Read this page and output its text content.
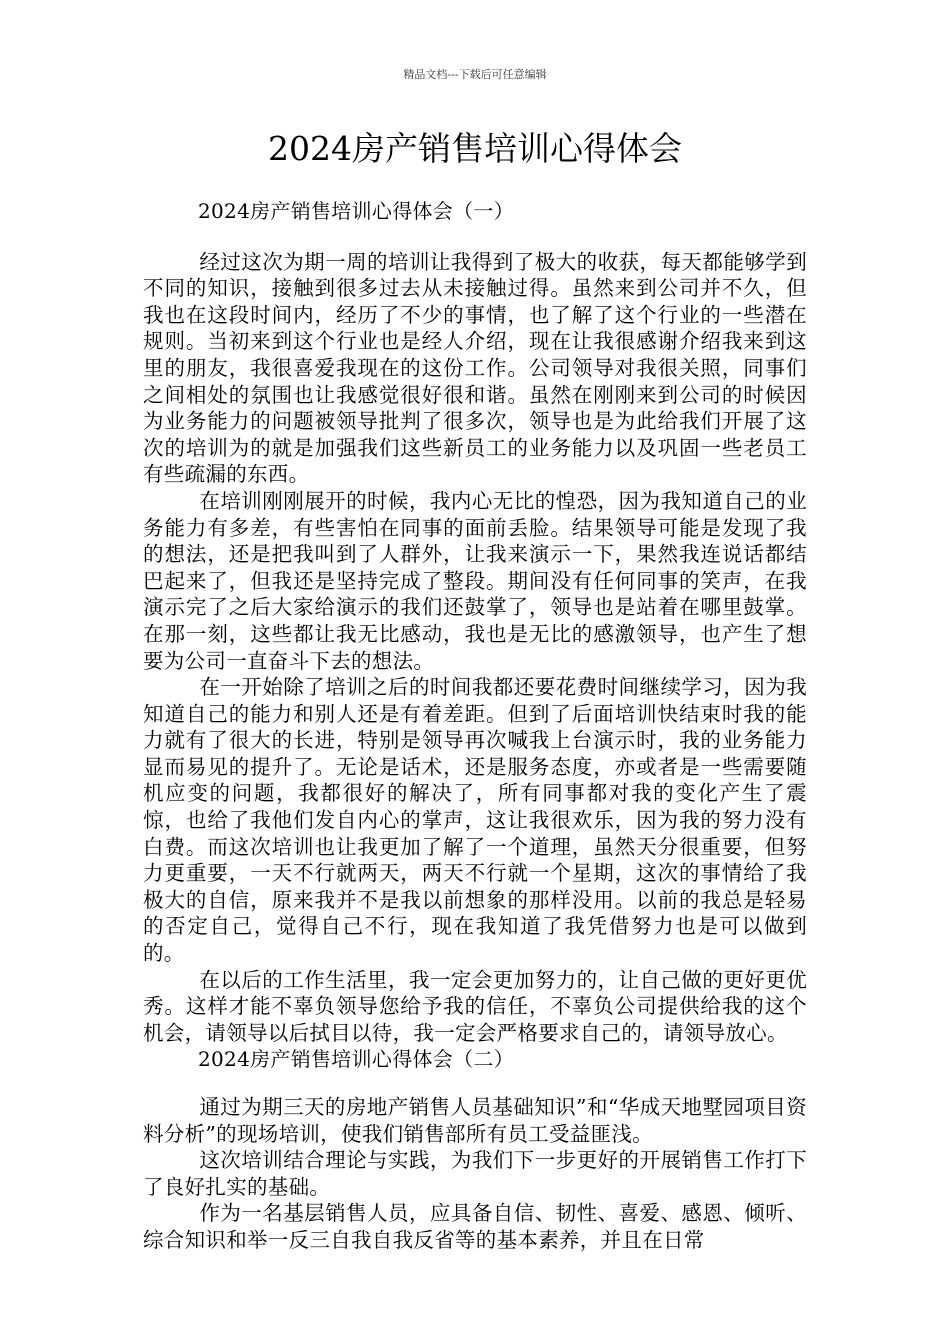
精品文档---下载后可任意编辑
2024房产销售培训心得体会
2024房产销售培训心得体会（一）

经过这次为期一周的培训让我得到了极大的收获，每天都能够学到不同的知识，接触到很多过去从未接触过得。虽然来到公司并不久，但我也在这段时间内，经历了不少的事情，也了解了这个行业的一些潜在规则。当初来到这个行业也是经人介绍，现在让我很感谢介绍我来到这里的朋友，我很喜爱我现在的这份工作。公司领导对我很关照，同事们之间相处的氛围也让我感觉很好很和谐。虽然在刚刚来到公司的时候因为业务能力的问题被领导批判了很多次，领导也是为此给我们开展了这次的培训为的就是加强我们这些新员工的业务能力以及巩固一些老员工有些疏漏的东西。

在培训刚刚展开的时候，我内心无比的惶恐，因为我知道自己的业务能力有多差，有些害怕在同事的面前丢脸。结果领导可能是发现了我的想法，还是把我叫到了人群外，让我来演示一下，果然我连说话都结巴起来了，但我还是坚持完成了整段。期间没有任何同事的笑声，在我演示完了之后大家给演示的我们还鼓掌了，领导也是站着在哪里鼓掌。在那一刻，这些都让我无比感动，我也是无比的感激领导，也产生了想要为公司一直奋斗下去的想法。

在一开始除了培训之后的时间我都还要花费时间继续学习，因为我知道自己的能力和别人还是有着差距。但到了后面培训快结束时我的能力就有了很大的长进，特别是领导再次喊我上台演示时，我的业务能力显而易见的提升了。无论是话术，还是服务态度，亦或者是一些需要随机应变的问题，我都很好的解决了，所有同事都对我的变化产生了震惊，也给了我他们发自内心的掌声，这让我很欢乐，因为我的努力没有白费。而这次培训也让我更加了解了一个道理，虽然天分很重要，但努力更重要，一天不行就两天，两天不行就一个星期，这次的事情给了我极大的自信，原来我并不是我以前想象的那样没用。以前的我总是轻易的否定自己，觉得自己不行，现在我知道了我凭借努力也是可以做到的。

在以后的工作生活里，我一定会更加努力的，让自己做的更好更优秀。这样才能不辜负领导您给予我的信任，不辜负公司提供给我的这个机会，请领导以后拭目以待，我一定会严格要求自己的，请领导放心。

2024房产销售培训心得体会（二）

通过为期三天的房地产销售人员基础知识”和“华成天地墅园项目资料分析”的现场培训，使我们销售部所有员工受益匪浅。

这次培训结合理论与实践，为我们下一步更好的开展销售工作打下了良好扎实的基础。

作为一名基层销售人员，应具备自信、韧性、喜爱、感恩、倾听、综合知识和举一反三自我自我反省等的基本素养，并且在日常
